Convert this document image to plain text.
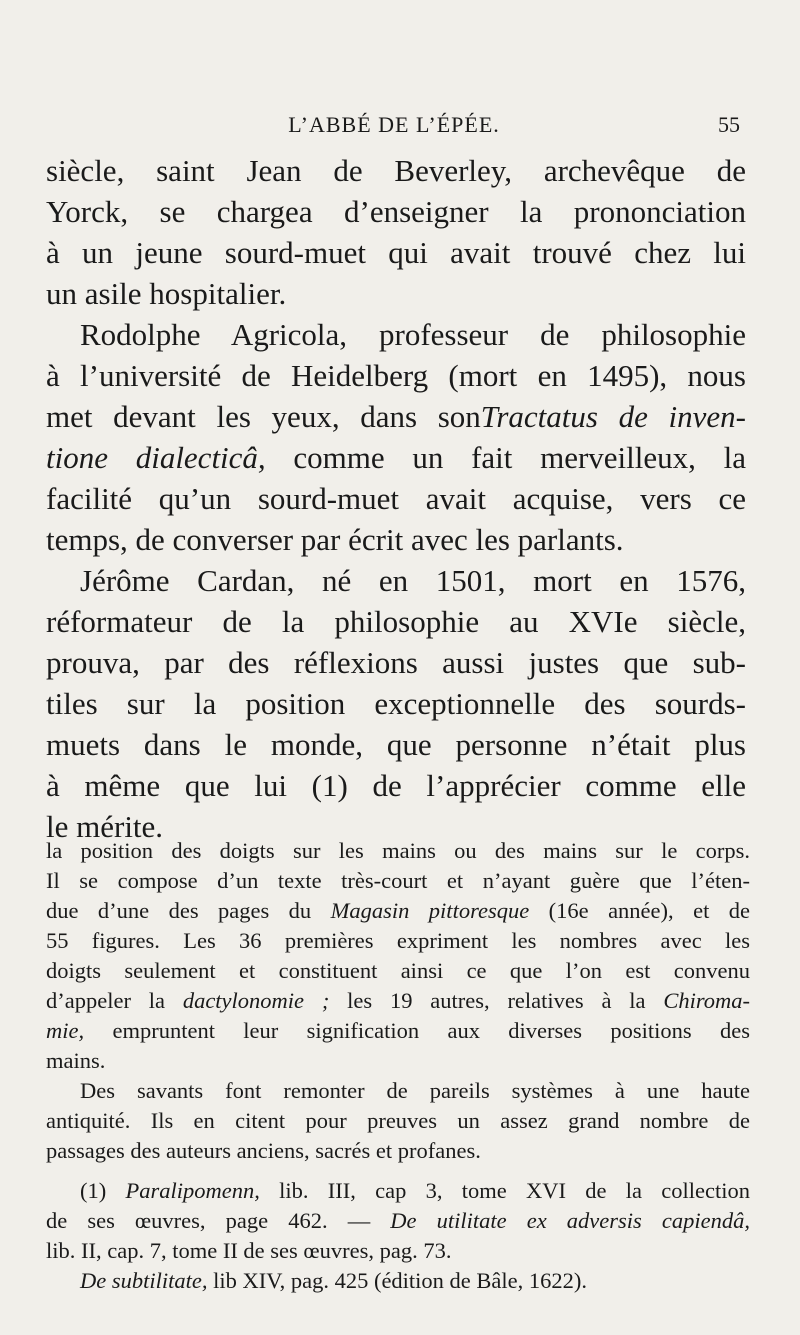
L’ABBÉ DE L’ÉPÉE.	55
siècle, saint Jean de Beverley, archevêque de
Yorck, se chargea d’enseigner la prononciation
à un jeune sourd-muet qui avait trouvé chez lui
un asile hospitalier.
Rodolphe Agricola, professeur de philosophie
à l’université de Heidelberg (mort en 1495), nous
met devant les yeux, dans sonTractatus de inven-
tione dialecticâ, comme un fait merveilleux, la
facilité qu’un sourd-muet avait acquise, vers ce
temps, de converser par écrit avec les parlants.
Jérôme Cardan, né en 1501, mort en 1576,
réformateur de la philosophie au XVIe siècle,
prouva, par des réflexions aussi justes que sub-
tiles sur la position exceptionnelle des sourds-
muets dans le monde, que personne n’était plus
à même que lui (1) de l’apprécier comme elle
le mérite.
la position des doigts sur les mains ou des mains sur le corps.
Il se compose d’un texte très-court et n’ayant guère que l’éten-
due d’une des pages du Magasin pittoresque (16e année), et de
55 figures. Les 36 premières expriment les nombres avec les
doigts seulement et constituent ainsi ce que l’on est convenu
d’appeler la dactylonomie ; les 19 autres, relatives à la Chiroma-
mie, empruntent leur signification aux diverses positions des
mains.
Des savants font remonter de pareils systèmes à une haute
antiquité. Ils en citent pour preuves un assez grand nombre de
passages des auteurs anciens, sacrés et profanes.
(1) Paralipomenn, lib. III, cap 3, tome XVI de la collection
de ses œuvres, page 462. — De utilitate ex adversis capiendâ,
lib. II, cap. 7, tome II de ses œuvres, pag. 73.
De subtilitate, lib XIV, pag. 425 (édition de Bâle, 1622).
